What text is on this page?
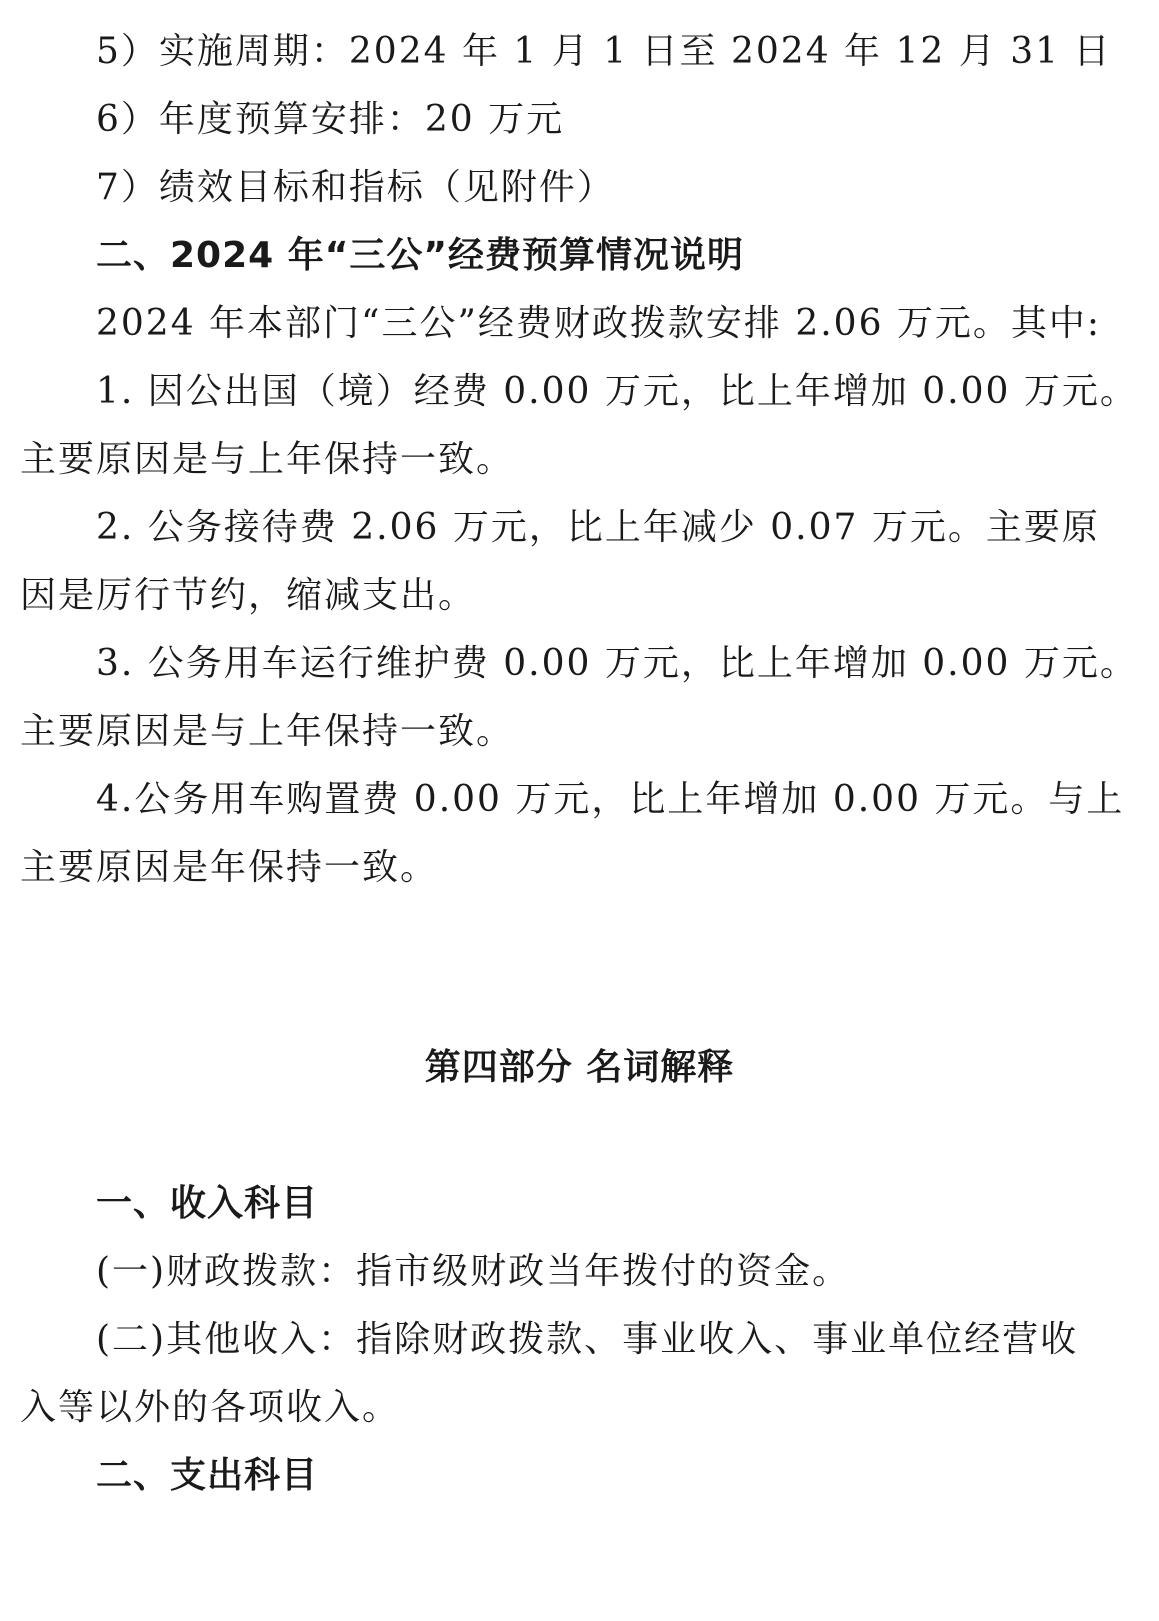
5）实施周期：2024 年 1 月 1 日至 2024 年 12 月 31 日
6）年度预算安排：20 万元
7）绩效目标和指标（见附件）
二、2024 年“三公”经费预算情况说明
2024 年本部门“三公”经费财政拨款安排 2.06 万元。其中:
1. 因公出国（境）经费 0.00 万元，比上年增加 0.00 万元。
主要原因是与上年保持一致。
2. 公务接待费 2.06 万元，比上年减少 0.07 万元。主要原
因是厉行节约，缩减支出。
3. 公务用车运行维护费 0.00 万元，比上年增加 0.00 万元。
主要原因是与上年保持一致。
4.公务用车购置费 0.00 万元，比上年增加 0.00 万元。与上
主要原因是年保持一致。
第四部分 名词解释
一、收入科目
(一)财政拨款：指市级财政当年拨付的资金。
(二)其他收入：指除财政拨款、事业收入、事业单位经营收
入等以外的各项收入。
二、支出科目
